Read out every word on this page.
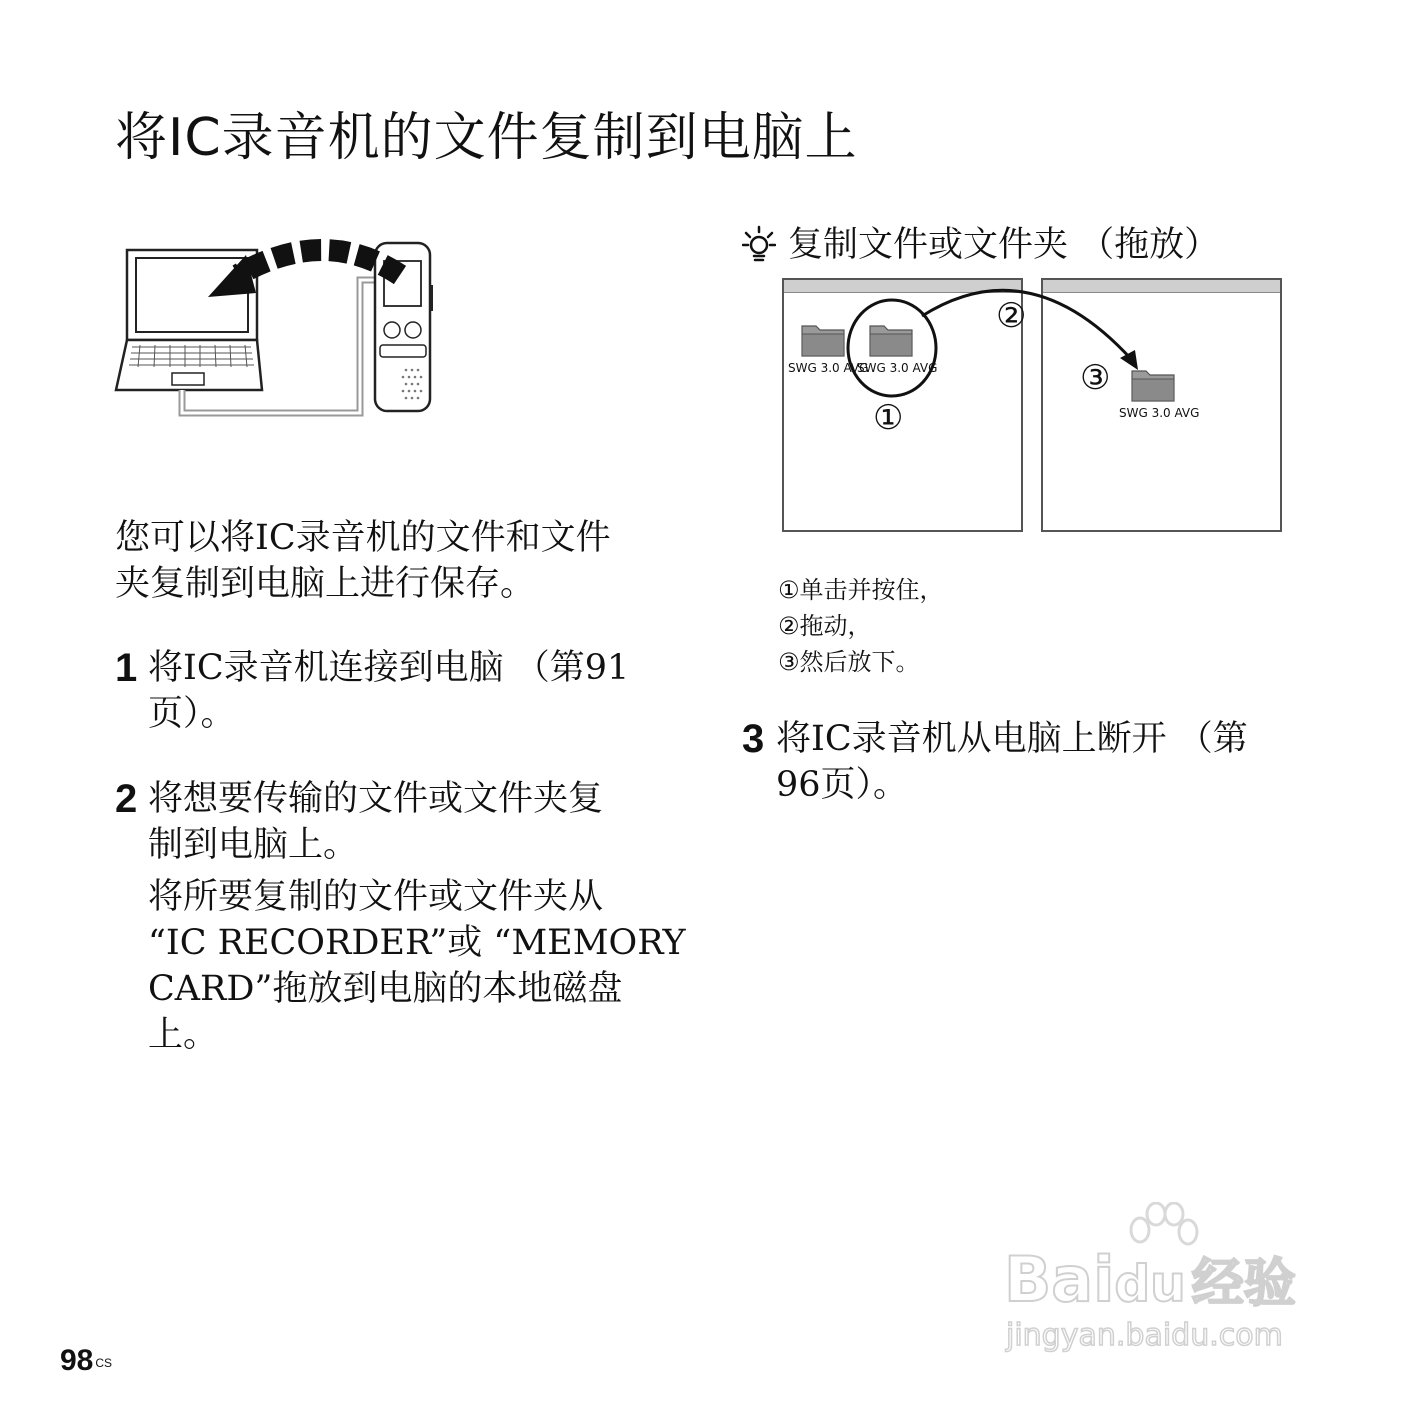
将IC录音机的文件复制到电脑上
您可以将IC录音机的文件和文件
夹复制到电脑上进行保存。
1 将IC录音机连接到电脑 （第91
页）。
2 将想要传输的文件或文件夹复
制到电脑上。
将所要复制的文件或文件夹从
“IC RECORDER”或 “MEMORY
CARD”拖放到电脑的本地磁盘
上。
复制文件或文件夹 （拖放）
SWG 3.0 AVG
SWG 3.0 AVG
SWG 3.0 AVG
①
②
③
①单击并按住，
②拖动，
③然后放下。
3 将IC录音机从电脑上断开 （第
96页）。
98 $^{CS}$
Baidu 经验
jingyan.baidu.com
